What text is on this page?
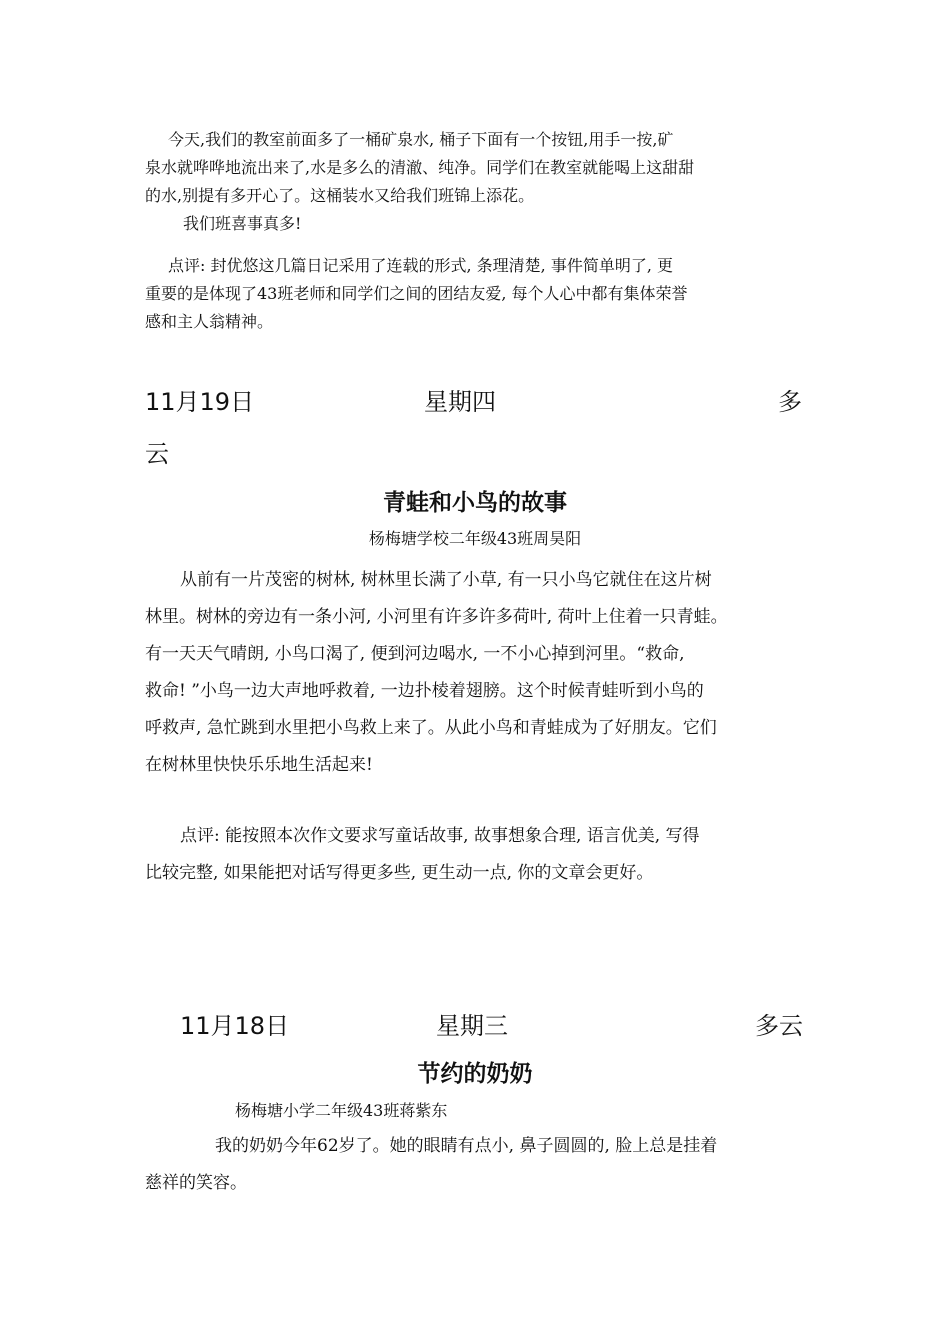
今天,我们的教室前面多了一桶矿泉水, 桶子下面有一个按钮,用手一按,矿
泉水就哗哗地流出来了,水是多么的清澈、纯净。同学们在教室就能喝上这甜甜
的水,别提有多开心了。这桶装水又给我们班锦上添花。
我们班喜事真多!
点评: 封优悠这几篇日记采用了连载的形式, 条理清楚, 事件简单明了, 更
重要的是体现了43班老师和同学们之间的团结友爱, 每个人心中都有集体荣誉
感和主人翁精神。
11月19日	星期四	多
云
青蛙和小鸟的故事
杨梅塘学校二年级43班周昊阳
从前有一片茂密的树林, 树林里长满了小草, 有一只小鸟它就住在这片树
林里。树林的旁边有一条小河, 小河里有许多许多荷叶, 荷叶上住着一只青蛙。
有一天天气晴朗, 小鸟口渴了, 便到河边喝水, 一不小心掉到河里。“救命,
救命! ”小鸟一边大声地呼救着, 一边扑棱着翅膀。这个时候青蛙听到小鸟的
呼救声, 急忙跳到水里把小鸟救上来了。从此小鸟和青蛙成为了好朋友。它们
在树林里快快乐乐地生活起来!
点评: 能按照本次作文要求写童话故事, 故事想象合理, 语言优美, 写得
比较完整, 如果能把对话写得更多些, 更生动一点, 你的文章会更好。
11月18日	星期三	多云
节约的奶奶
杨梅塘小学二年级43班蒋紫东
我的奶奶今年62岁了。她的眼睛有点小, 鼻子圆圆的, 脸上总是挂着
慈祥的笑容。
